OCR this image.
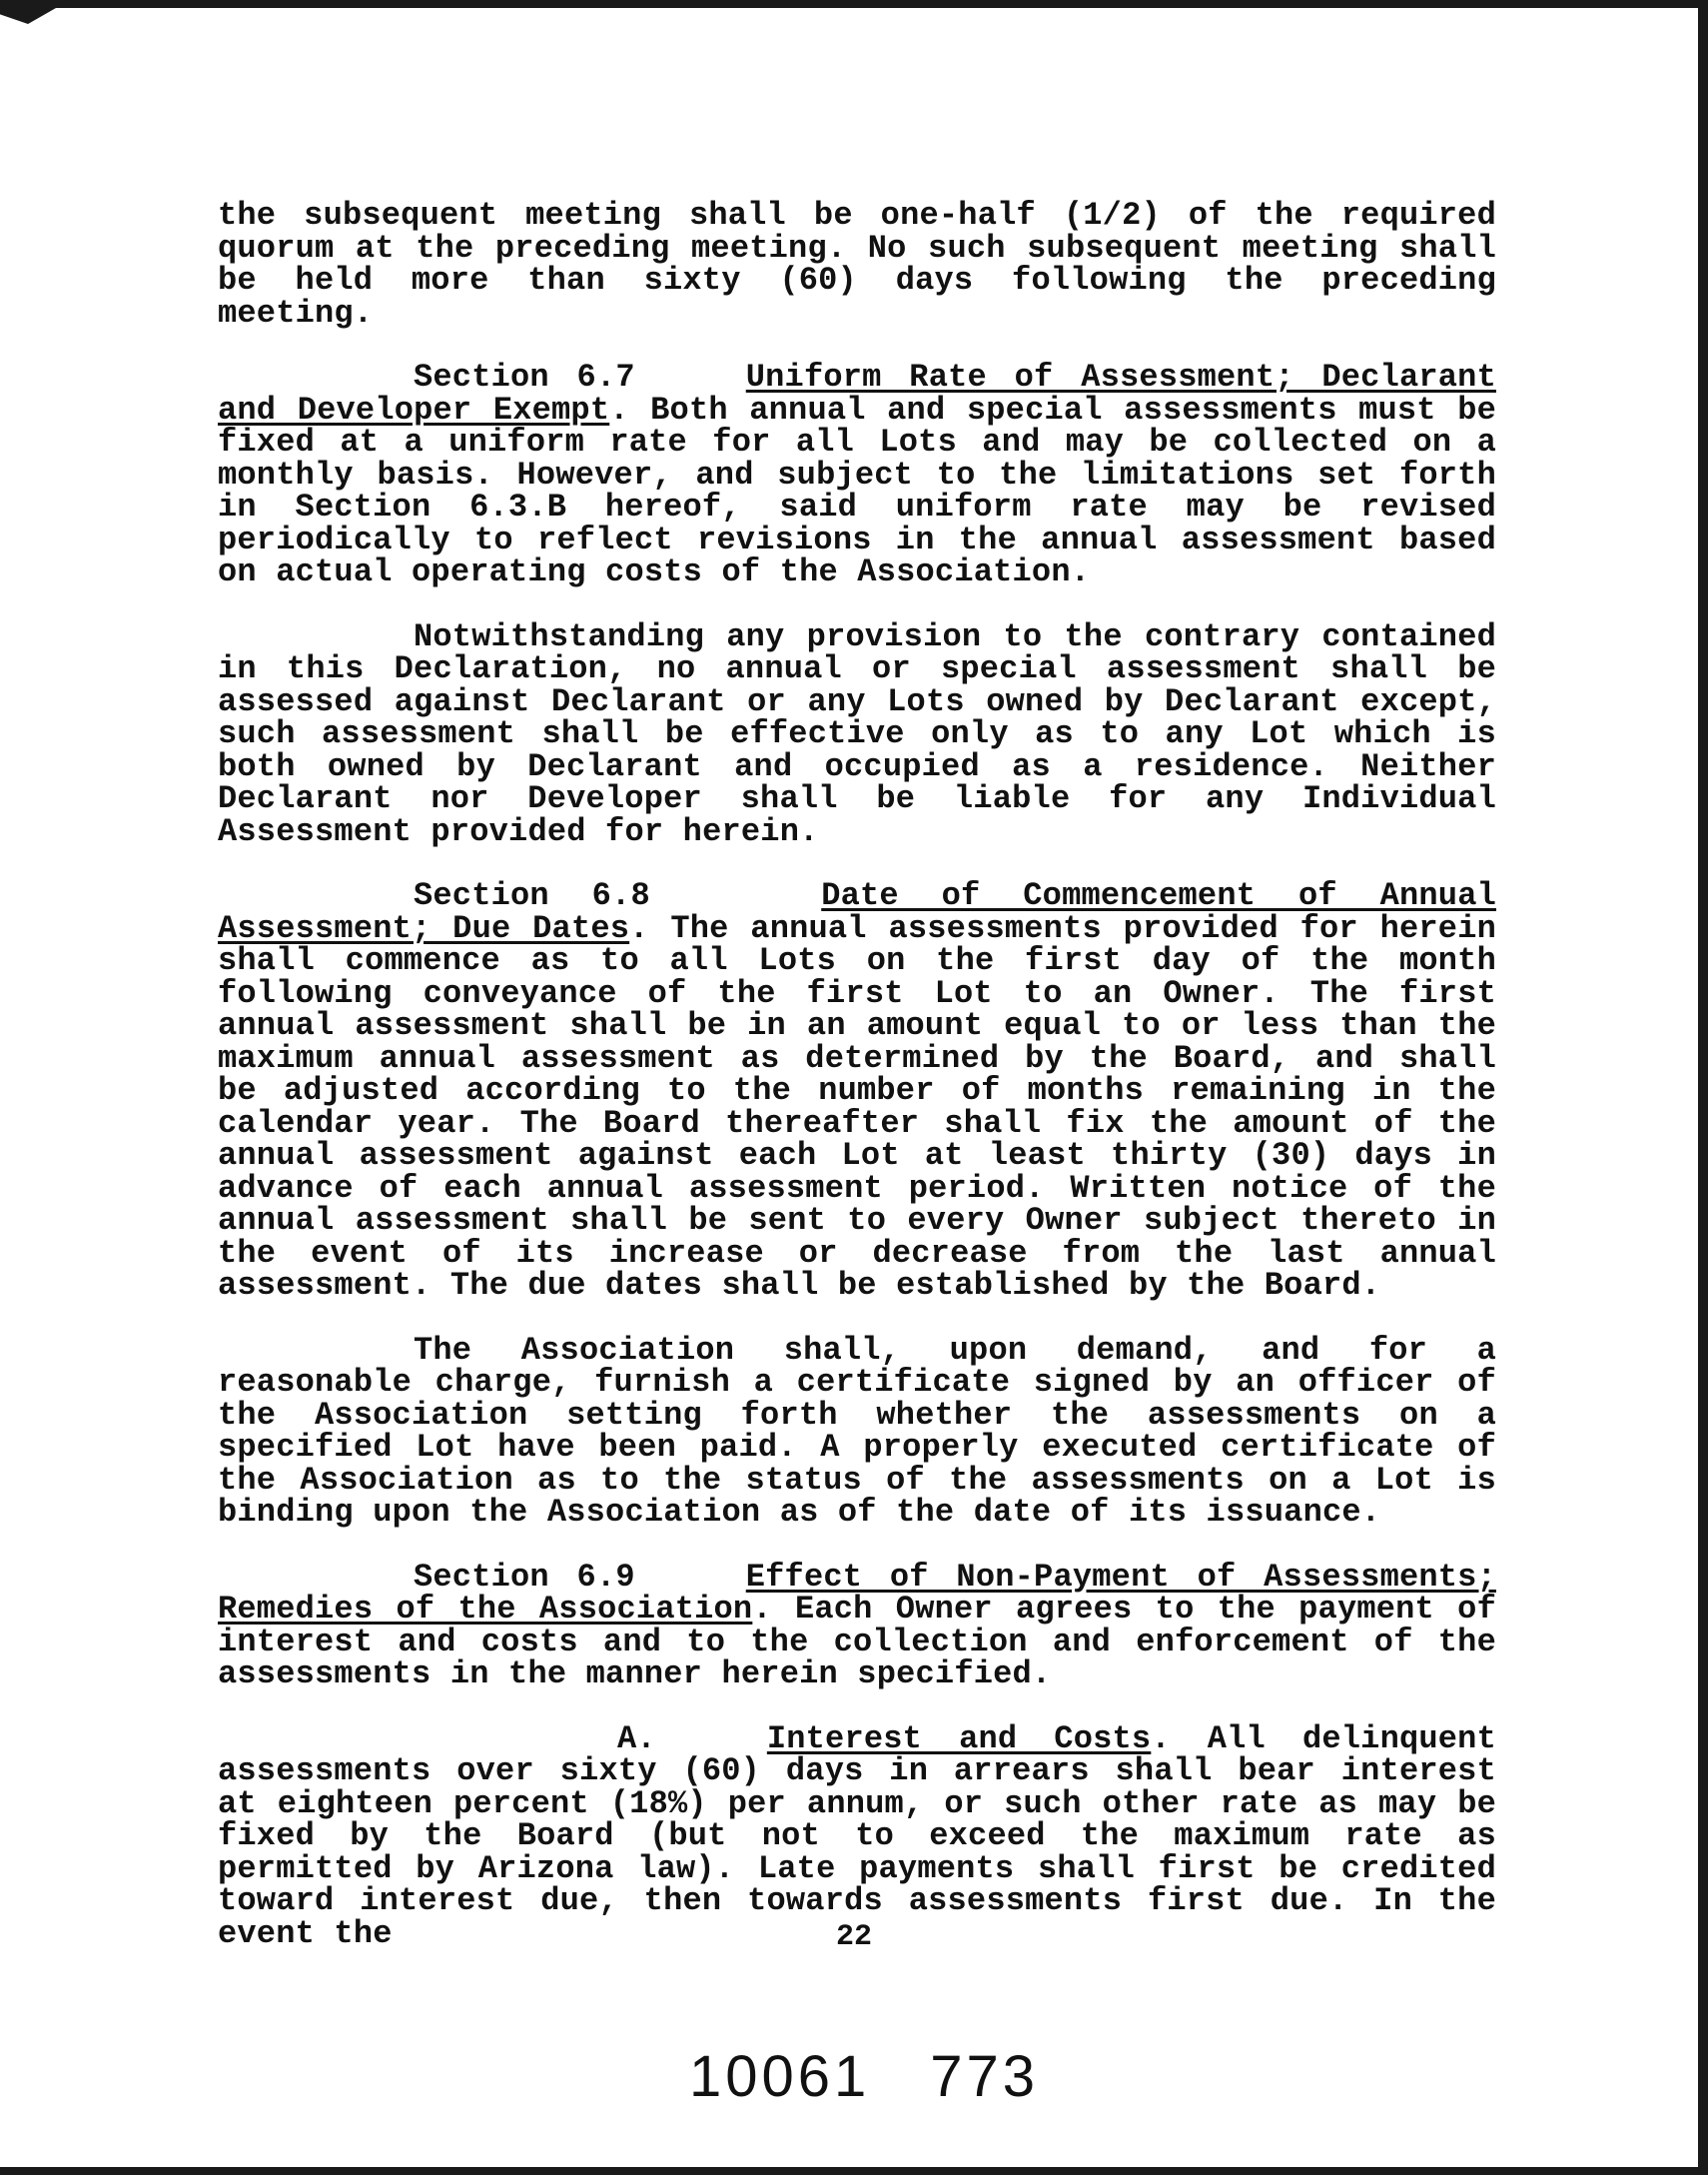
the subsequent meeting shall be one-half (1/2) of the required quorum at the preceding meeting. No such subsequent meeting shall be held more than sixty (60) days following the preceding meeting.

Section 6.7	Uniform Rate of Assessment; Declarant and Developer Exempt. Both annual and special assessments must be fixed at a uniform rate for all Lots and may be collected on a monthly basis. However, and subject to the limitations set forth in Section 6.3.B hereof, said uniform rate may be revised periodically to reflect revisions in the annual assessment based on actual operating costs of the Association.

Notwithstanding any provision to the contrary contained in this Declaration, no annual or special assessment shall be assessed against Declarant or any Lots owned by Declarant except, such assessment shall be effective only as to any Lot which is both owned by Declarant and occupied as a residence. Neither Declarant nor Developer shall be liable for any Individual Assessment provided for herein.

Section 6.8	Date of Commencement of Annual Assessment; Due Dates. The annual assessments provided for herein shall commence as to all Lots on the first day of the month following conveyance of the first Lot to an Owner. The first annual assessment shall be in an amount equal to or less than the maximum annual assessment as determined by the Board, and shall be adjusted according to the number of months remaining in the calendar year. The Board thereafter shall fix the amount of the annual assessment against each Lot at least thirty (30) days in advance of each annual assessment period. Written notice of the annual assessment shall be sent to every Owner subject thereto in the event of its increase or decrease from the last annual assessment. The due dates shall be established by the Board.

The Association shall, upon demand, and for a reasonable charge, furnish a certificate signed by an officer of the Association setting forth whether the assessments on a specified Lot have been paid. A properly executed certificate of the Association as to the status of the assessments on a Lot is binding upon the Association as of the date of its issuance.

Section 6.9	Effect of Non-Payment of Assessments; Remedies of the Association. Each Owner agrees to the payment of interest and costs and to the collection and enforcement of the assessments in the manner herein specified.

A.	Interest and Costs. All delinquent assessments over sixty (60) days in arrears shall bear interest at eighteen percent (18%) per annum, or such other rate as may be fixed by the Board (but not to exceed the maximum rate as permitted by Arizona law). Late payments shall first be credited toward interest due, then towards assessments first due. In the event the	22
10061 773
